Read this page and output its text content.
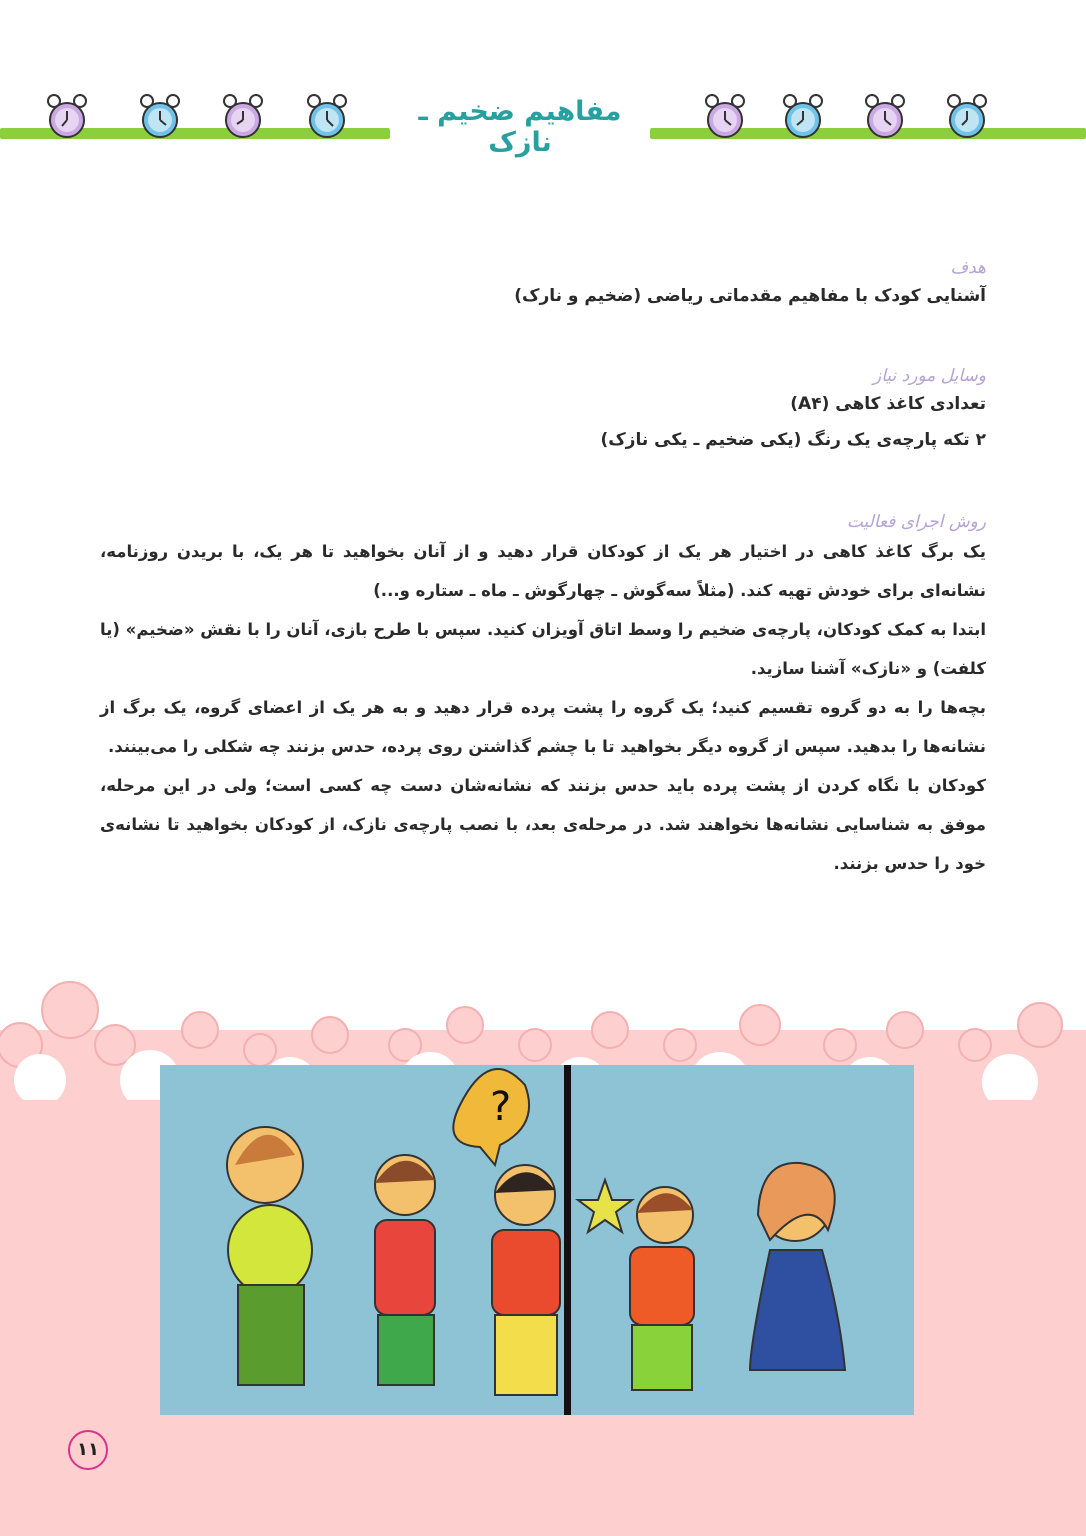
مفاهیم ضخیم ـ نازک

هدف

آشنایی کودک با مفاهیم مقدماتی ریاضی (ضخیم و نارک)

وسایل مورد نیاز

تعدادی کاغذ کاهی (A۴)

۲ تکه پارچه‌ی یک رنگ (یکی ضخیم ـ یکی نازک)

روش اجرای فعالیت

یک برگ کاغذ کاهی در اختیار هر یک از کودکان قرار دهید و از آنان بخواهید تا هر یک، با بریدن روزنامه، نشانه‌ای برای خودش تهیه کند. (مثلاً سه‌گوش ـ چهارگوش ـ ماه ـ ستاره و...)

ابتدا به کمک کودکان، پارچه‌ی ضخیم را وسط اتاق آویزان کنید. سپس با طرح بازی، آنان را با نقش «ضخیم» (یا کلفت) و «نازک» آشنا سازید.

بچه‌ها را به دو گروه تقسیم کنید؛ یک گروه را پشت پرده قرار دهید و به هر یک از اعضای گروه، یک برگ از نشانه‌ها را بدهید. سپس از گروه دیگر بخواهید تا با چشم گذاشتن روی پرده، حدس بزنند چه شکلی را می‌بینند.

کودکان با نگاه کردن از پشت پرده باید حدس بزنند که نشانه‌شان دست چه کسی است؛ ولی در این مرحله، موفق به شناسایی نشانه‌ها نخواهند شد. در مرحله‌ی بعد، با نصب پارچه‌ی نازک، از کودکان بخواهید تا نشانه‌ی خود را حدس بزنند.

?
۱۱
